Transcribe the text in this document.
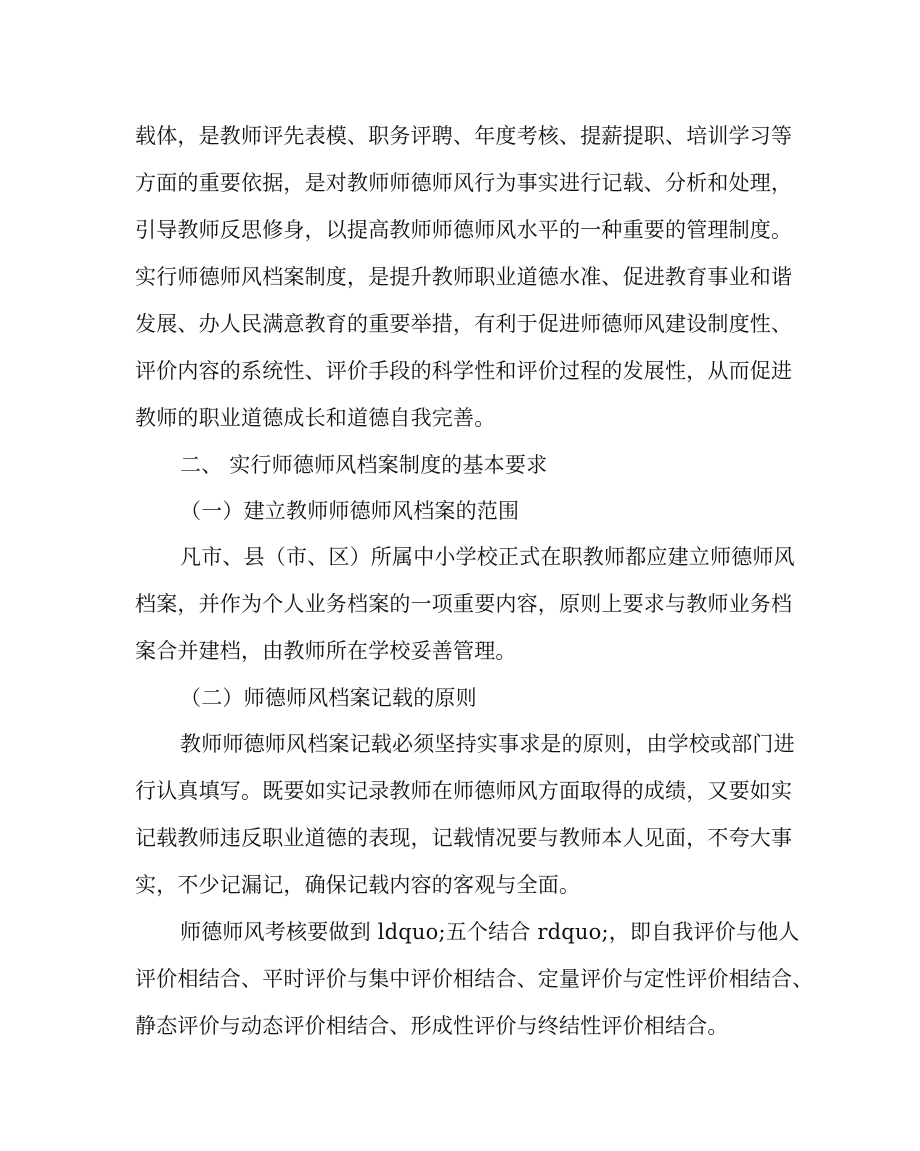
载体，是教师评先表模、职务评聘、年度考核、提薪提职、培训学习等
方面的重要依据，是对教师师德师风行为事实进行记载、分析和处理，
引导教师反思修身，以提高教师师德师风水平的一种重要的管理制度。
实行师德师风档案制度，是提升教师职业道德水准、促进教育事业和谐
发展、办人民满意教育的重要举措，有利于促进师德师风建设制度性、
评价内容的系统性、评价手段的科学性和评价过程的发展性，从而促进
教师的职业道德成长和道德自我完善。
二、 实行师德师风档案制度的基本要求
（一）建立教师师德师风档案的范围
凡市、县（市、区）所属中小学校正式在职教师都应建立师德师风
档案，并作为个人业务档案的一项重要内容，原则上要求与教师业务档
案合并建档，由教师所在学校妥善管理。
（二）师德师风档案记载的原则
教师师德师风档案记载必须坚持实事求是的原则，由学校或部门进
行认真填写。既要如实记录教师在师德师风方面取得的成绩，又要如实
记载教师违反职业道德的表现，记载情况要与教师本人见面，不夸大事
实，不少记漏记，确保记载内容的客观与全面。
师德师风考核要做到 ldquo;五个结合 rdquo;，即自我评价与他人
评价相结合、平时评价与集中评价相结合、定量评价与定性评价相结合、
静态评价与动态评价相结合、形成性评价与终结性评价相结合。
